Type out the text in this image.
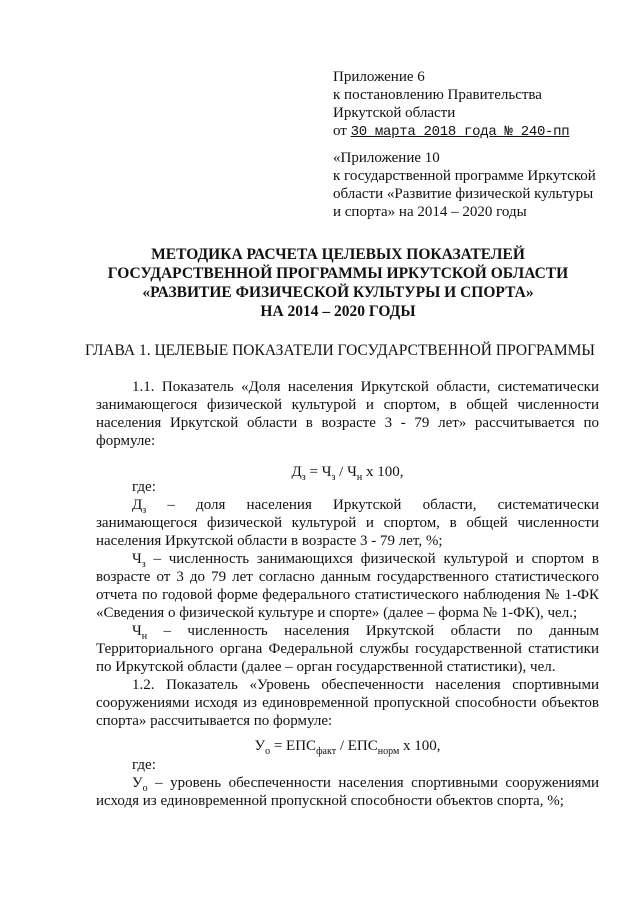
Приложение 6
к постановлению Правительства
Иркутской области
от 30 марта 2018 года № 240-пп
«Приложение 10
к государственной программе Иркутской
области «Развитие физической культуры
и спорта» на 2014 – 2020 годы
МЕТОДИКА РАСЧЕТА ЦЕЛЕВЫХ ПОКАЗАТЕЛЕЙ
ГОСУДАРСТВЕННОЙ ПРОГРАММЫ ИРКУТСКОЙ ОБЛАСТИ
«РАЗВИТИЕ ФИЗИЧЕСКОЙ КУЛЬТУРЫ И СПОРТА»
НА 2014 – 2020 ГОДЫ
ГЛАВА 1. ЦЕЛЕВЫЕ ПОКАЗАТЕЛИ ГОСУДАРСТВЕННОЙ ПРОГРАММЫ

1.1. Показатель «Доля населения Иркутской области, систематически занимающегося физической культурой и спортом, в общей численности населения Иркутской области в возрасте 3 - 79 лет» рассчитывается по формуле:

$Д_з = Ч_з / Ч_н$ х 100,
где:

$Д_з$ – доля населения Иркутской области, систематически занимающегося физической культурой и спортом, в общей численности населения Иркутской области в возрасте 3 - 79 лет, %;

$Ч_з$ – численность занимающихся физической культурой и спортом в возрасте от 3 до 79 лет согласно данным государственного статистического отчета по годовой форме федерального статистического наблюдения № 1-ФК «Сведения о физической культуре и спорте» (далее – форма № 1-ФК), чел.;

$Ч_н$ – численность населения Иркутской области по данным Территориального органа Федеральной службы государственной статистики по Иркутской области (далее – орган государственной статистики), чел.

1.2. Показатель «Уровень обеспеченности населения спортивными сооружениями исходя из единовременной пропускной способности объектов спорта» рассчитывается по формуле:

$У_о = ЕПС_{факт} / ЕПС_{норм}$ х 100,
где:

$У_о$ – уровень обеспеченности населения спортивными сооружениями исходя из единовременной пропускной способности объектов спорта, %;
